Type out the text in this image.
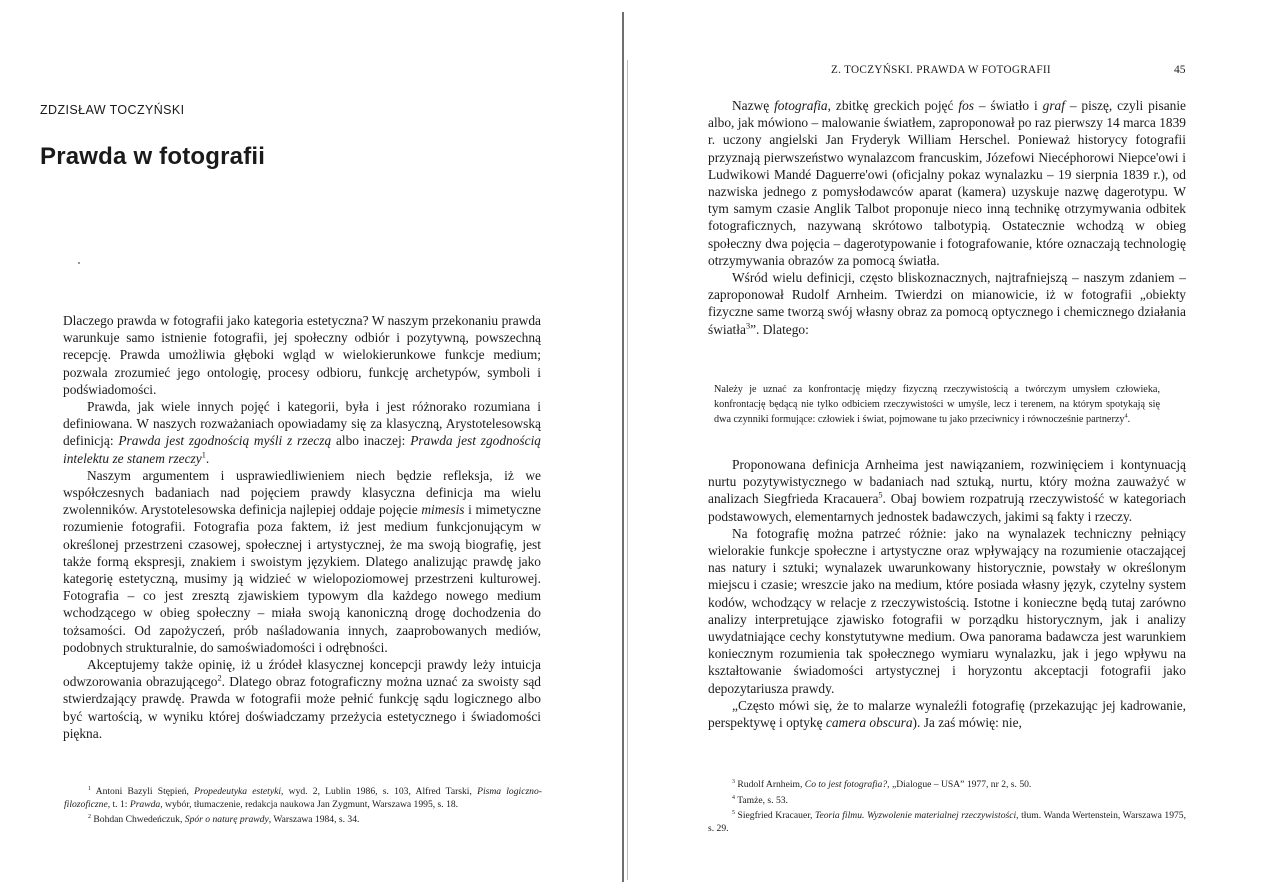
ZDZISŁAW TOCZYŃSKI
Prawda w fotografii

Dlaczego prawda w fotografii jako kategoria estetyczna? W naszym przekonaniu prawda warunkuje samo istnienie fotografii, jej społeczny odbiór i pozytywną, powszechną recepcję. Prawda umożliwia głęboki wgląd w wielokierunkowe funkcje medium; pozwala zrozumieć jego ontologię, procesy odbioru, funkcję archetypów, symboli i podświadomości.

Prawda, jak wiele innych pojęć i kategorii, była i jest różnorako rozumiana i definiowana. W naszych rozważaniach opowiadamy się za klasyczną, Arystotelesowską definicją: Prawda jest zgodnością myśli z rzeczą albo inaczej: Prawda jest zgodnością intelektu ze stanem rzeczy$^1$.

Naszym argumentem i usprawiedliwieniem niech będzie refleksja, iż we współczesnych badaniach nad pojęciem prawdy klasyczna definicja ma wielu zwolenników. Arystotelesowska definicja najlepiej oddaje pojęcie mimesis i mimetyczne rozumienie fotografii. Fotografia poza faktem, iż jest medium funkcjonującym w określonej przestrzeni czasowej, społecznej i artystycznej, że ma swoją biografię, jest także formą ekspresji, znakiem i swoistym językiem. Dlatego analizując prawdę jako kategorię estetyczną, musimy ją widzieć w wielopoziomowej przestrzeni kulturowej. Fotografia – co jest zresztą zjawiskiem typowym dla każdego nowego medium wchodzącego w obieg społeczny – miała swoją kanoniczną drogę dochodzenia do tożsamości. Od zapożyczeń, prób naśladowania innych, zaaprobowanych mediów, podobnych strukturalnie, do samoświadomości i odrębności.

Akceptujemy także opinię, iż u źródeł klasycznej koncepcji prawdy leży intuicja odwzorowania obrazującego$^2$. Dlatego obraz fotograficzny można uznać za swoisty sąd stwierdzający prawdę. Prawda w fotografii może pełnić funkcję sądu logicznego albo być wartością, w wyniku której doświadczamy przeżycia estetycznego i świadomości piękna.

$^1$ Antoni Bazyli Stępień, Propedeutyka estetyki, wyd. 2, Lublin 1986, s. 103, Alfred Tarski, Pisma logiczno-filozoficzne, t. 1: Prawda, wybór, tłumaczenie, redakcja naukowa Jan Zygmunt, Warszawa 1995, s. 18.

$^2$ Bohdan Chwedeńczuk, Spór o naturę prawdy, Warszawa 1984, s. 34.

Z. TOCZYŃSKI. PRAWDA W FOTOGRAFII	45

Nazwę fotografia, zbitkę greckich pojęć fos – światło i graf – piszę, czyli pisanie albo, jak mówiono – malowanie światłem, zaproponował po raz pierwszy 14 marca 1839 r. uczony angielski Jan Fryderyk William Herschel. Ponieważ historycy fotografii przyznają pierwszeństwo wynalazcom francuskim, Józefowi Niecéphorowi Niepce'owi i Ludwikowi Mandé Daguerre'owi (oficjalny pokaz wynalazku – 19 sierpnia 1839 r.), od nazwiska jednego z pomysłodawców aparat (kamera) uzyskuje nazwę dagerotypu. W tym samym czasie Anglik Talbot proponuje nieco inną technikę otrzymywania odbitek fotograficznych, nazywaną skrótowo talbotypią. Ostatecznie wchodzą w obieg społeczny dwa pojęcia – dagerotypowanie i fotografowanie, które oznaczają technologię otrzymywania obrazów za pomocą światła.

Wśród wielu definicji, często bliskoznacznych, najtrafniejszą – naszym zdaniem – zaproponował Rudolf Arnheim. Twierdzi on mianowicie, iż w fotografii „obiekty fizyczne same tworzą swój własny obraz za pomocą optycznego i chemicznego działania światła$^3$”. Dlatego:

Należy je uznać za konfrontację między fizyczną rzeczywistością a twórczym umysłem człowieka, konfrontację będącą nie tylko odbiciem rzeczywistości w umyśle, lecz i terenem, na którym spotykają się dwa czynniki formujące: człowiek i świat, pojmowane tu jako przeciwnicy i równocześnie partnerzy$^4$.

Proponowana definicja Arnheima jest nawiązaniem, rozwinięciem i kontynuacją nurtu pozytywistycznego w badaniach nad sztuką, nurtu, który można zauważyć w analizach Siegfrieda Kracauera$^5$. Obaj bowiem rozpatrują rzeczywistość w kategoriach podstawowych, elementarnych jednostek badawczych, jakimi są fakty i rzeczy.

Na fotografię można patrzeć różnie: jako na wynalazek techniczny pełniący wielorakie funkcje społeczne i artystyczne oraz wpływający na rozumienie otaczającej nas natury i sztuki; wynalazek uwarunkowany historycznie, powstały w określonym miejscu i czasie; wreszcie jako na medium, które posiada własny język, czytelny system kodów, wchodzący w relacje z rzeczywistością. Istotne i konieczne będą tutaj zarówno analizy interpretujące zjawisko fotografii w porządku historycznym, jak i analizy uwydatniające cechy konstytutywne medium. Owa panorama badawcza jest warunkiem koniecznym rozumienia tak społecznego wymiaru wynalazku, jak i jego wpływu na kształtowanie świadomości artystycznej i horyzontu akceptacji fotografii jako depozytariusza prawdy.

„Często mówi się, że to malarze wynaleźli fotografię (przekazując jej kadrowanie, perspektywę i optykę camera obscura). Ja zaś mówię: nie,

$^3$ Rudolf Arnheim, Co to jest fotografia?, „Dialogue – USA” 1977, nr 2, s. 50.

$^4$ Tamże, s. 53.

$^5$ Siegfried Kracauer, Teoria filmu. Wyzwolenie materialnej rzeczywistości, tłum. Wanda Wertenstein, Warszawa 1975, s. 29.
